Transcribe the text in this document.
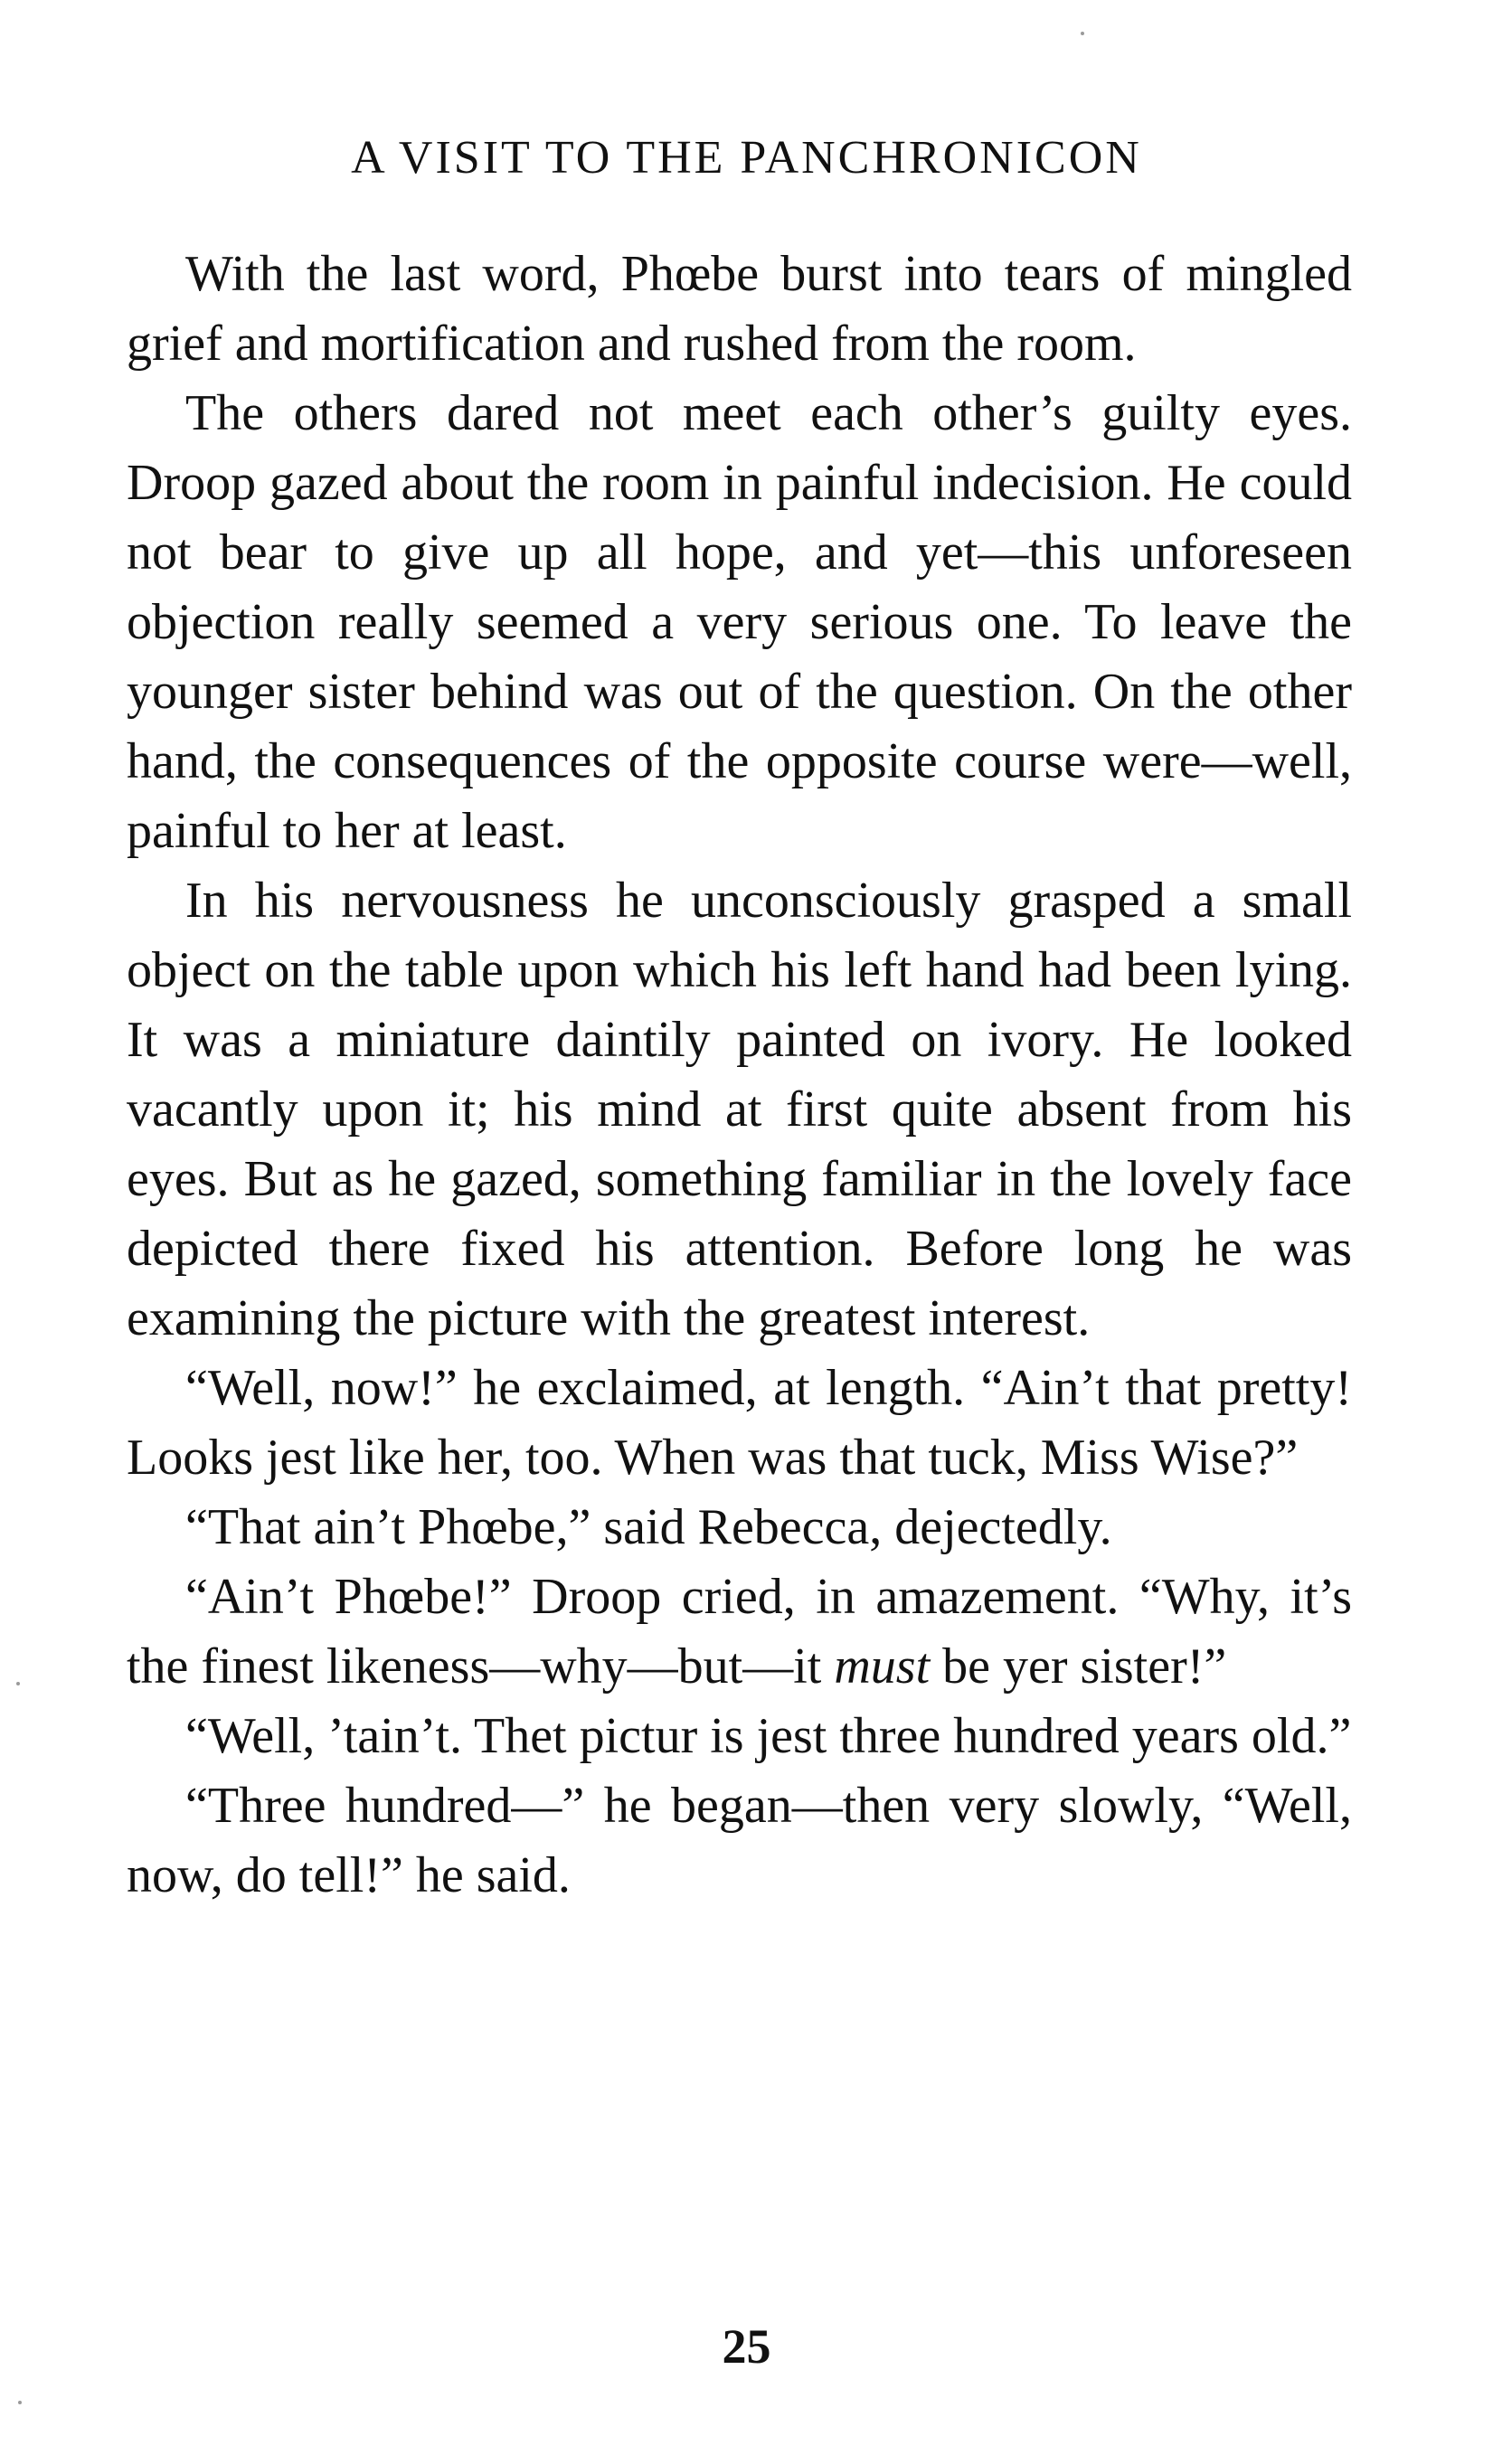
A VISIT TO THE PANCHRONICON

With the last word, Phœbe burst into tears of mingled grief and mortification and rushed from the room.

The others dared not meet each other’s guilty eyes. Droop gazed about the room in painful indecision. He could not bear to give up all hope, and yet—this unforeseen objection really seemed a very serious one. To leave the younger sister behind was out of the question. On the other hand, the consequences of the opposite course were—well, painful to her at least.

In his nervousness he unconsciously grasped a small object on the table upon which his left hand had been lying. It was a miniature daintily painted on ivory. He looked vacantly upon it; his mind at first quite absent from his eyes. But as he gazed, something familiar in the lovely face depicted there fixed his attention. Before long he was examining the picture with the greatest interest.

“Well, now!” he exclaimed, at length. “Ain’t that pretty! Looks jest like her, too. When was that tuck, Miss Wise?”

“That ain’t Phœbe,” said Rebecca, dejectedly.

“Ain’t Phœbe!” Droop cried, in amazement. “Why, it’s the finest likeness—why—but—it must be yer sister!”

“Well, ’tain’t. Thet pictur is jest three hundred years old.”

“Three hundred—” he began—then very slowly, “Well, now, do tell!” he said.

25
